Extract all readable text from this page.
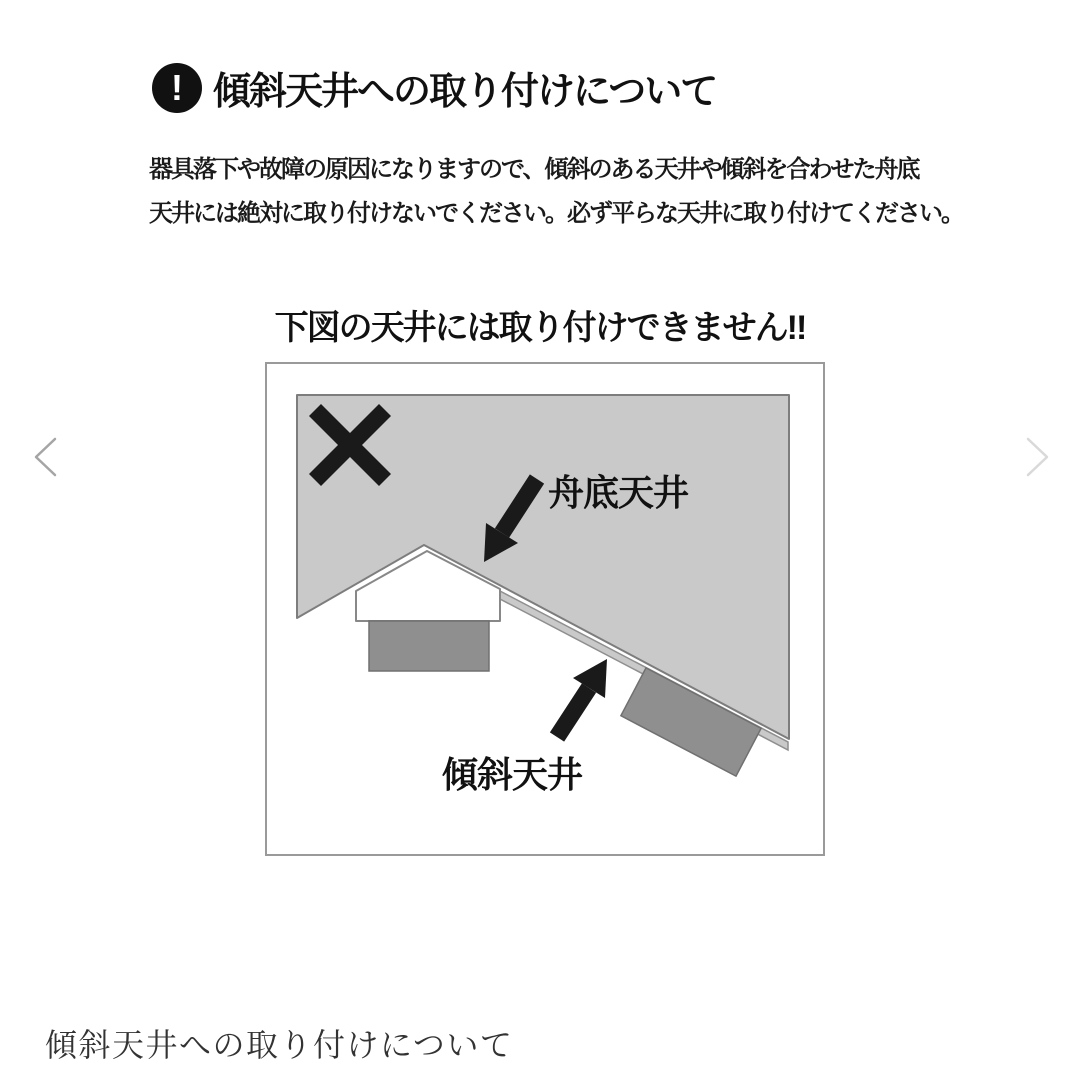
! 傾斜天井への取り付けについて
器具落下や故障の原因になりますので、傾斜のある天井や傾斜を合わせた舟底
天井には絶対に取り付けないでください。必ず平らな天井に取り付けてください。
下図の天井には取り付けできません!!
舟底天井
傾斜天井
傾斜天井への取り付けについて
